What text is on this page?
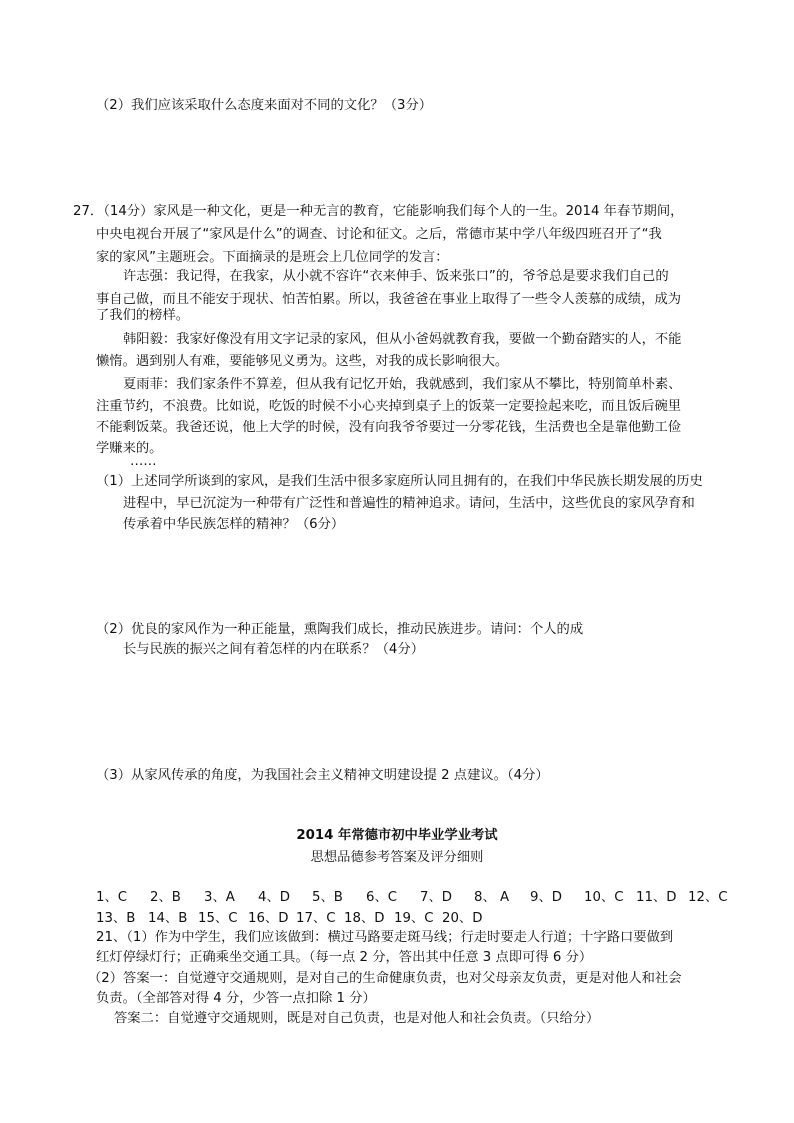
（2）我们应该采取什么态度来面对不同的文化？（3分）
27．（14分）家风是一种文化，更是一种无言的教育，它能影响我们每个人的一生。2014 年春节期间，
中央电视台开展了“家风是什么”的调查、讨论和征文。之后，常德市某中学八年级四班召开了“我
家的家风”主题班会。下面摘录的是班会上几位同学的发言：
许志强：我记得，在我家，从小就不容许“衣来伸手、饭来张口”的，爷爷总是要求我们自己的
事自己做，而且不能安于现状、怕苦怕累。所以，我爸爸在事业上取得了一些令人羡慕的成绩，成为
了我们的榜样。
韩阳毅：我家好像没有用文字记录的家风，但从小爸妈就教育我，要做一个勤奋踏实的人，不能
懒惰。遇到别人有难，要能够见义勇为。这些，对我的成长影响很大。
夏雨菲：我们家条件不算差，但从我有记忆开始，我就感到，我们家从不攀比，特别简单朴素、
注重节约，不浪费。比如说，吃饭的时候不小心夹掉到桌子上的饭菜一定要捡起来吃，而且饭后碗里
不能剩饭菜。我爸还说，他上大学的时候，没有向我爷爷要过一分零花钱，生活费也全是靠他勤工俭
学赚来的。
……
（1）上述同学所谈到的家风，是我们生活中很多家庭所认同且拥有的，在我们中华民族长期发展的历史
进程中，早已沉淀为一种带有广泛性和普遍性的精神追求。请问，生活中，这些优良的家风孕育和
传承着中华民族怎样的精神？（6分）
（2）优良的家风作为一种正能量，熏陶我们成长，推动民族进步。请问：个人的成
长与民族的振兴之间有着怎样的内在联系？（4分）
（3）从家风传承的角度，为我国社会主义精神文明建设提 2 点建议。（4分）
2014 年常德市初中毕业学业考试
思想品德参考答案及评分细则
1、C 2、B 3、A 4、D 5、B 6、C 7、D 8、 A 9、D 10、C 11、D 12、C
13、B 14、B 15、C 16、D 17、C 18、D 19、C 20、D
21、（1）作为中学生，我们应该做到：横过马路要走斑马线；行走时要走人行道；十字路口要做到
红灯停绿灯行；正确乘坐交通工具。（每一点 2 分，答出其中任意 3 点即可得 6 分）
（2）答案一：自觉遵守交通规则，是对自己的生命健康负责，也对父母亲友负责，更是对他人和社会
负责。（全部答对得 4 分，少答一点扣除 1 分）
答案二：自觉遵守交通规则，既是对自己负责，也是对他人和社会负责。（只给分）
